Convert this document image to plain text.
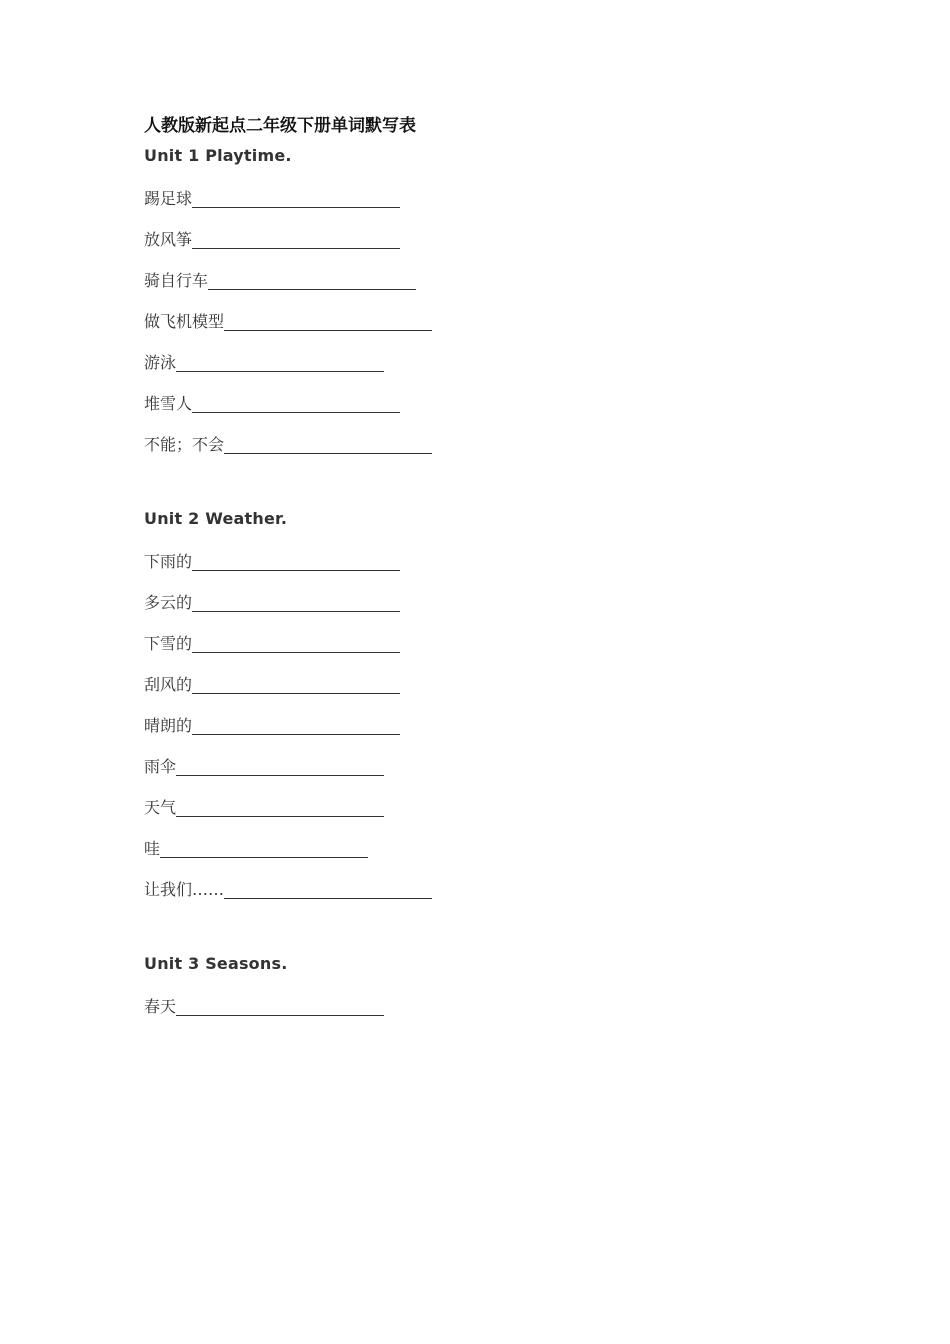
人教版新起点二年级下册单词默写表
Unit 1 Playtime.
踢足球
放风筝
骑自行车
做飞机模型
游泳
堆雪人
不能；不会
Unit 2 Weather.
下雨的
多云的
下雪的
刮风的
晴朗的
雨伞
天气
哇
让我们……
Unit 3 Seasons.
春天
